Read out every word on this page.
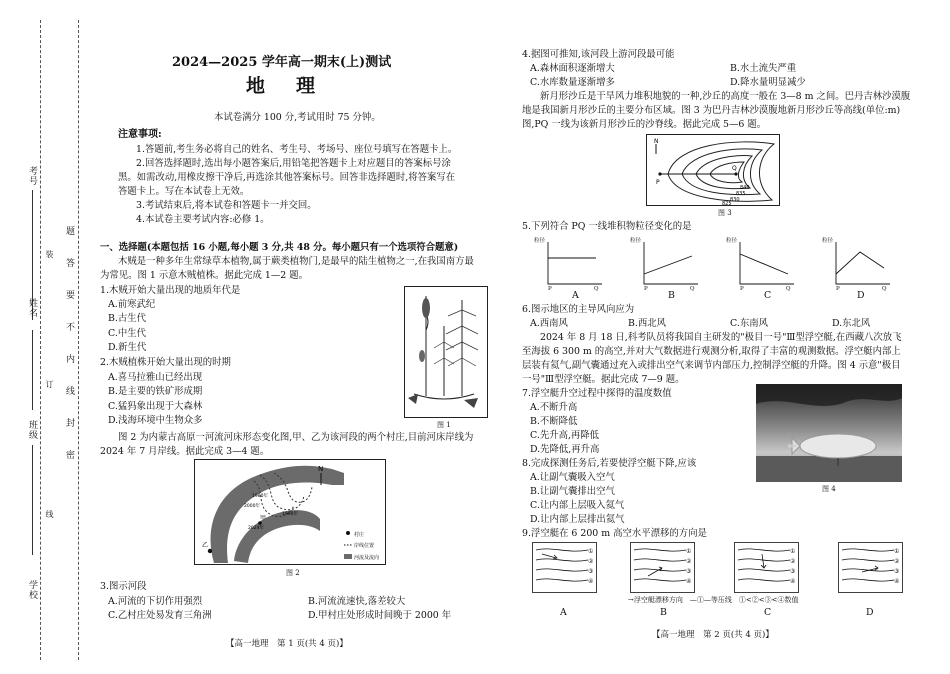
考号
姓名
班级
学校
题
答
要
不
内
线
封
密
装
订
线
2024—2025 学年高一期末(上)测试
地　理
本试卷满分 100 分,考试用时 75 分钟。
注意事项:
1.答题前,考生务必将自己的姓名、考生号、考场号、座位号填写在答题卡上。
2.回答选择题时,选出每小题答案后,用铅笔把答题卡上对应题目的答案标号涂
黑。如需改动,用橡皮擦干净后,再选涂其他答案标号。回答非选择题时,将答案写在
答题卡上。写在本试卷上无效。
3.考试结束后,将本试卷和答题卡一并交回。
4.本试卷主要考试内容:必修 1。
一、选择题(本题包括 16 小题,每小题 3 分,共 48 分。每小题只有一个选项符合题意)
木贼是一种多年生常绿草本植物,属于蕨类植物门,是最早的陆生植物之一,在我国南方最
为常见。图 1 示意木贼植株。据此完成 1—2 题。
1.木贼开始大量出现的地质年代是
A.前寒武纪
B.古生代
C.中生代
D.新生代
2.木贼植株开始大量出现的时期
A.喜马拉雅山已经出现
B.是主要的铁矿形成期
C.猛犸象出现于大森林
D.浅海环境中生物众多	图 1
图 2 为内蒙古高原一河流河床形态变化图,甲、乙为该河段的两个村庄,目前河床岸线为
2024 年 7 月岸线。据此完成 3—4 题。
N
1980年
2000年
1990年
甲
2024年
乙
村庄
岸线位置
河流及流向
图 2
3.图示河段
A.河流的下切作用强烈	B.河流流速快,落差较大
C.乙村庄处易发育三角洲	D.甲村庄处形成时间晚于 2000 年
【高一地理　第 1 页(共 4 页)】
4.据图可推知,该河段上游河段最可能
A.森林面积逐渐增大	B.水土流失严重
C.水库数量逐渐增多	D.降水量明显减少
新月形沙丘是干旱风力堆积地貌的一种,沙丘的高度一般在 3—8 m 之间。巴丹吉林沙漠腹
地是我国新月形沙丘的主要分布区域。图 3 为巴丹吉林沙漠腹地新月形沙丘等高线(单位:m)
图,PQ 一线为该新月形沙丘的沙脊线。据此完成 5—6 题。
N
P
Q
840
835
830
825
图 3
5.下列符合 PQ 一线堆积物粒径变化的是
粒径	粒径	粒径	粒径
P	Q	P	Q	P	Q	P	Q
A	B	C	D
6.图示地区的主导风向应为
A.西南风	B.西北风	C.东南风	D.东北风
2024 年 8 月 18 日,科考队员将我国自主研发的"极目一号"Ⅲ型浮空艇,在西藏八次放飞
至海拔 6 300 m 的高空,并对大气数据进行观测分析,取得了丰富的观测数据。浮空艇内部上
层装有氦气,副气囊通过充入或排出空气来调节内部压力,控制浮空艇的升降。图 4 示意"极目
一号"Ⅲ型浮空艇。据此完成 7—9 题。
7.浮空艇升空过程中探得的温度数值
A.不断升高
B.不断降低
C.先升高,再降低
D.先降低,再升高
图 4
8.完成探测任务后,若要使浮空艇下降,应该
A.让副气囊吸入空气
B.让副气囊排出空气
C.让内部上层吸入氦气
D.让内部上层排出氦气
9.浮空艇在 6 200 m 高空水平漂移的方向是
①
②
③
④
①
②
③
④
①
②
③
④
①
②
③
④
→浮空艇漂移方向　—①—等压线　①<②<③<④数值
A	B	C	D
【高一地理　第 2 页(共 4 页)】
